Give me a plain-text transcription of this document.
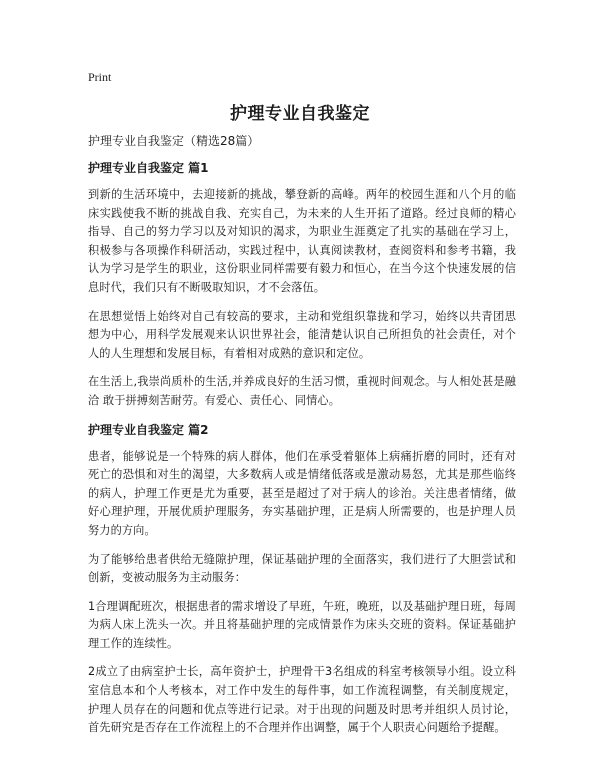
Print
护理专业自我鉴定

护理专业自我鉴定（精选28篇）

护理专业自我鉴定 篇1

到新的生活环境中，去迎接新的挑战，攀登新的高峰。两年的校园生涯和八个月的临床实践使我不断的挑战自我、充实自己，为未来的人生开拓了道路。经过良师的精心指导、自己的努力学习以及对知识的渴求，为职业生涯奠定了扎实的基础在学习上，积极参与各项操作科研活动，实践过程中，认真阅读教材，查阅资料和参考书籍，我认为学习是学生的职业，这份职业同样需要有毅力和恒心，在当今这个快速发展的信息时代，我们只有不断吸取知识，才不会落伍。

在思想觉悟上始终对自己有较高的要求，主动和党组织靠拢和学习，始终以共青团思想为中心，用科学发展观来认识世界社会，能清楚认识自己所担负的社会责任，对个人的人生理想和发展目标，有着相对成熟的意识和定位。

在生活上,我崇尚质朴的生活,并养成良好的生活习惯，重视时间观念。与人相处甚是融洽 敢于拼搏刻苦耐劳。有爱心、责任心、同情心。

护理专业自我鉴定 篇2

患者，能够说是一个特殊的病人群体，他们在承受着躯体上病痛折磨的同时，还有对死亡的恐惧和对生的渴望，大多数病人或是情绪低落或是激动易怒，尤其是那些临终的病人，护理工作更是尤为重要，甚至是超过了对于病人的诊治。关注患者情绪，做好心理护理，开展优质护理服务，夯实基础护理，正是病人所需要的，也是护理人员努力的方向。

为了能够给患者供给无缝隙护理，保证基础护理的全面落实，我们进行了大胆尝试和创新，变被动服务为主动服务：

1合理调配班次，根据患者的需求增设了早班，午班，晚班，以及基础护理日班，每周为病人床上洗头一次。并且将基础护理的完成情景作为床头交班的资料。保证基础护理工作的连续性。

2成立了由病室护士长，高年资护士，护理骨干3名组成的科室考核领导小组。设立科室信息本和个人考核本，对工作中发生的每件事，如工作流程调整，有关制度规定，护理人员存在的问题和优点等进行记录。对于出现的问题及时思考并组织人员讨论，首先研究是否存在工作流程上的不合理并作出调整，属于个人职责心问题给予提醒。
